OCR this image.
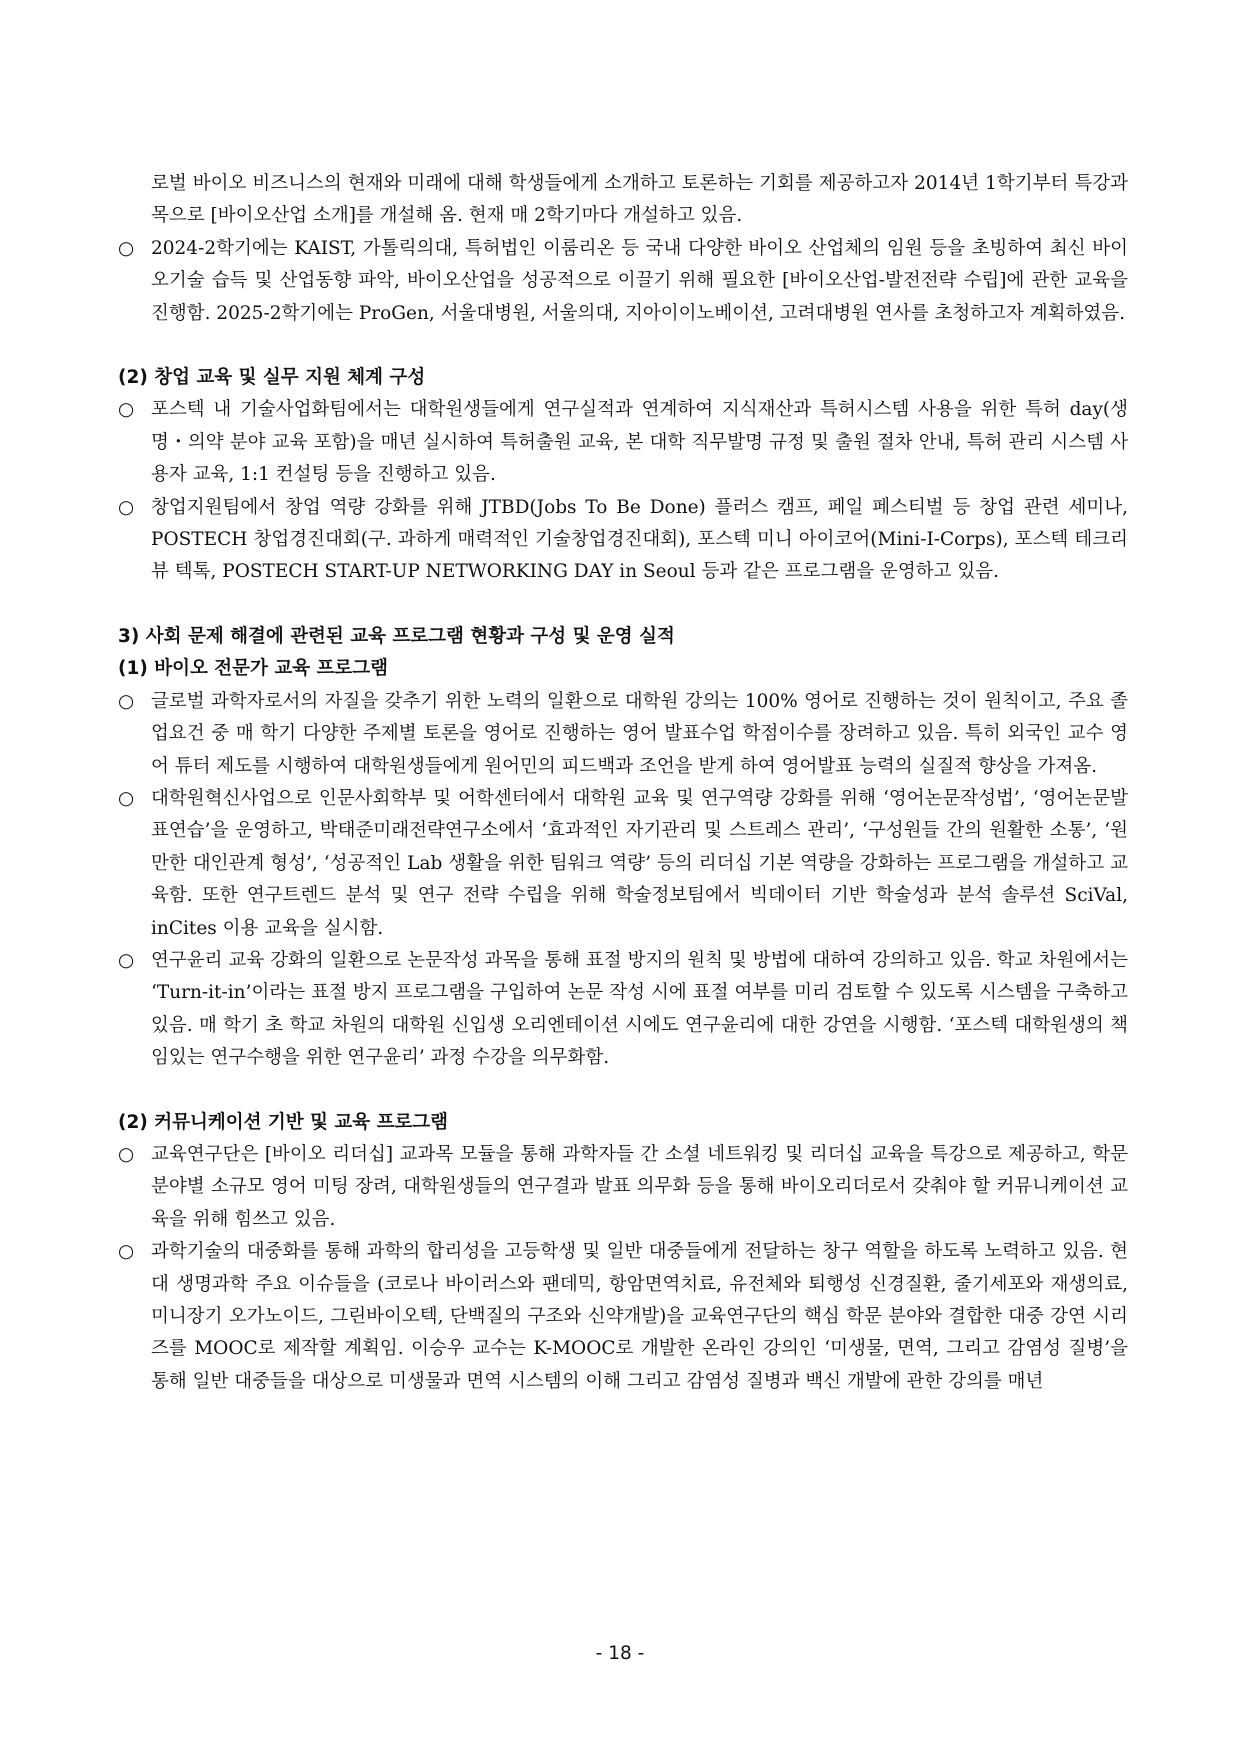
로벌 바이오 비즈니스의 현재와 미래에 대해 학생들에게 소개하고 토론하는 기회를 제공하고자 2014년 1학기부터 특강과목으로 [바이오산업 소개]를 개설해 옴. 현재 매 2학기마다 개설하고 있음.

○ 2024-2학기에는 KAIST, 가톨릭의대, 특허법인 이룸리온 등 국내 다양한 바이오 산업체의 임원 등을 초빙하여 최신 바이오기술 습득 및 산업동향 파악, 바이오산업을 성공적으로 이끌기 위해 필요한 [바이오산업-발전전략 수립]에 관한 교육을 진행함. 2025-2학기에는 ProGen, 서울대병원, 서울의대, 지아이이노베이션, 고려대병원 연사를 초청하고자 계획하였음.

(2) 창업 교육 및 실무 지원 체계 구성

○ 포스텍 내 기술사업화팀에서는 대학원생들에게 연구실적과 연계하여 지식재산과 특허시스템 사용을 위한 특허 day(생명・의약 분야 교육 포함)을 매년 실시하여 특허출원 교육, 본 대학 직무발명 규정 및 출원 절차 안내, 특허 관리 시스템 사용자 교육, 1:1 컨설팅 등을 진행하고 있음.

○ 창업지원팀에서 창업 역량 강화를 위해 JTBD(Jobs To Be Done) 플러스 캠프, 페일 페스티벌 등 창업 관련 세미나, POSTECH 창업경진대회(구. 과하게 매력적인 기술창업경진대회), 포스텍 미니 아이코어(Mini-I-Corps), 포스텍 테크리뷰 텍톡, POSTECH START-UP NETWORKING DAY in Seoul 등과 같은 프로그램을 운영하고 있음.

3) 사회 문제 해결에 관련된 교육 프로그램 현황과 구성 및 운영 실적

(1) 바이오 전문가 교육 프로그램

○ 글로벌 과학자로서의 자질을 갖추기 위한 노력의 일환으로 대학원 강의는 100% 영어로 진행하는 것이 원칙이고, 주요 졸업요건 중 매 학기 다양한 주제별 토론을 영어로 진행하는 영어 발표수업 학점이수를 장려하고 있음. 특히 외국인 교수 영어 튜터 제도를 시행하여 대학원생들에게 원어민의 피드백과 조언을 받게 하여 영어발표 능력의 실질적 향상을 가져옴.

○ 대학원혁신사업으로 인문사회학부 및 어학센터에서 대학원 교육 및 연구역량 강화를 위해 ‘영어논문작성법’, ‘영어논문발표연습’을 운영하고, 박태준미래전략연구소에서 ‘효과적인 자기관리 및 스트레스 관리’, ‘구성원들 간의 원활한 소통’, ‘원만한 대인관계 형성’, ‘성공적인 Lab 생활을 위한 팀워크 역량’ 등의 리더십 기본 역량을 강화하는 프로그램을 개설하고 교육함. 또한 연구트렌드 분석 및 연구 전략 수립을 위해 학술정보팀에서 빅데이터 기반 학술성과 분석 솔루션 SciVal, inCites 이용 교육을 실시함.

○ 연구윤리 교육 강화의 일환으로 논문작성 과목을 통해 표절 방지의 원칙 및 방법에 대하여 강의하고 있음. 학교 차원에서는 ‘Turn-it-in’이라는 표절 방지 프로그램을 구입하여 논문 작성 시에 표절 여부를 미리 검토할 수 있도록 시스템을 구축하고 있음. 매 학기 초 학교 차원의 대학원 신입생 오리엔테이션 시에도 연구윤리에 대한 강연을 시행함. ‘포스텍 대학원생의 책임있는 연구수행을 위한 연구윤리’ 과정 수강을 의무화함.

(2) 커뮤니케이션 기반 및 교육 프로그램

○ 교육연구단은 [바이오 리더십] 교과목 모듈을 통해 과학자들 간 소셜 네트워킹 및 리더십 교육을 특강으로 제공하고, 학문 분야별 소규모 영어 미팅 장려, 대학원생들의 연구결과 발표 의무화 등을 통해 바이오리더로서 갖춰야 할 커뮤니케이션 교육을 위해 힘쓰고 있음.

○ 과학기술의 대중화를 통해 과학의 합리성을 고등학생 및 일반 대중들에게 전달하는 창구 역할을 하도록 노력하고 있음. 현대 생명과학 주요 이슈들을 (코로나 바이러스와 팬데믹, 항암면역치료, 유전체와 퇴행성 신경질환, 줄기세포와 재생의료, 미니장기 오가노이드, 그린바이오텍, 단백질의 구조와 신약개발)을 교육연구단의 핵심 학문 분야와 결합한 대중 강연 시리즈를 MOOC로 제작할 계획임. 이승우 교수는 K-MOOC로 개발한 온라인 강의인 ‘미생물, 면역, 그리고 감염성 질병’을 통해 일반 대중들을 대상으로 미생물과 면역 시스템의 이해 그리고 감염성 질병과 백신 개발에 관한 강의를 매년

- 18 -
